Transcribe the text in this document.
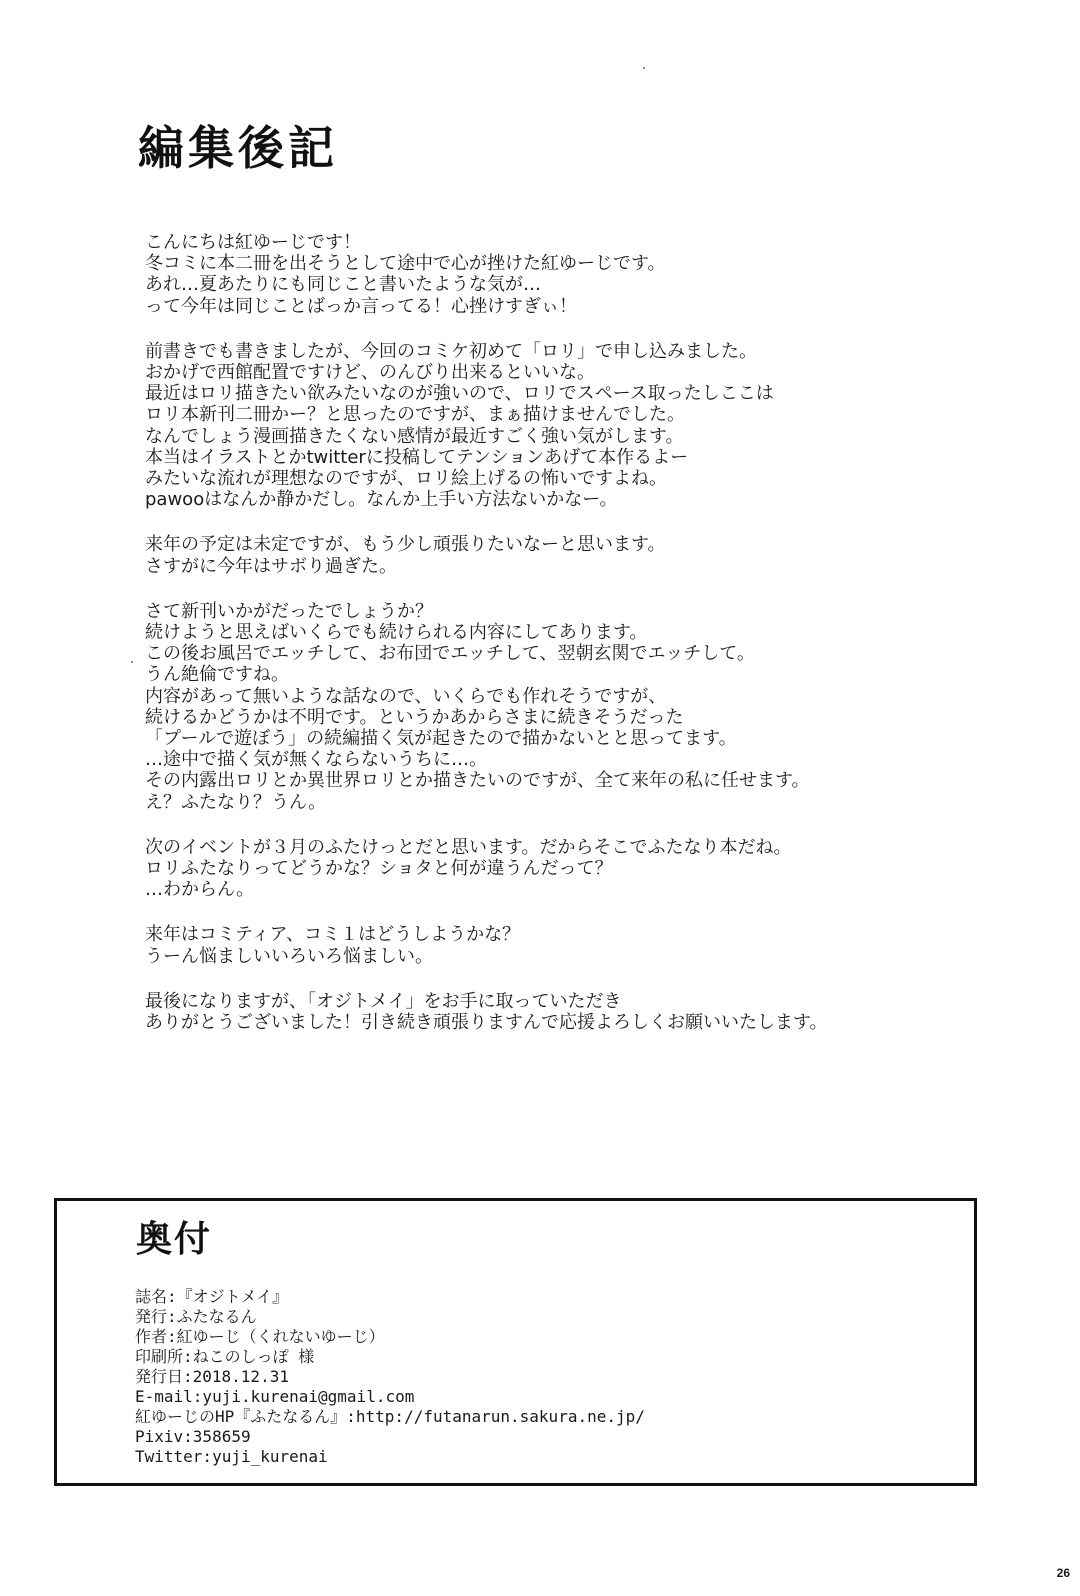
編集後記
こんにちは紅ゆーじです！
冬コミに本二冊を出そうとして途中で心が挫けた紅ゆーじです。
あれ…夏あたりにも同じこと書いたような気が…
って今年は同じことばっか言ってる！心挫けすぎぃ！
前書きでも書きましたが、今回のコミケ初めて「ロリ」で申し込みました。
おかげで西館配置ですけど、のんびり出来るといいな。
最近はロリ描きたい欲みたいなのが強いので、ロリでスペース取ったしここは
ロリ本新刊二冊かー？と思ったのですが、まぁ描けませんでした。
なんでしょう漫画描きたくない感情が最近すごく強い気がします。
本当はイラストとかtwitterに投稿してテンションあげて本作るよー
みたいな流れが理想なのですが、ロリ絵上げるの怖いですよね。
pawooはなんか静かだし。なんか上手い方法ないかなー。
来年の予定は未定ですが、もう少し頑張りたいなーと思います。
さすがに今年はサボり過ぎた。
さて新刊いかがだったでしょうか？
続けようと思えばいくらでも続けられる内容にしてあります。
この後お風呂でエッチして、お布団でエッチして、翌朝玄関でエッチして。
うん絶倫ですね。
内容があって無いような話なので、いくらでも作れそうですが、
続けるかどうかは不明です。というかあからさまに続きそうだった
「プールで遊ぼう」の続編描く気が起きたので描かないとと思ってます。
…途中で描く気が無くならないうちに…。
その内露出ロリとか異世界ロリとか描きたいのですが、全て来年の私に任せます。
え？ふたなり？うん。
次のイベントが３月のふたけっとだと思います。だからそこでふたなり本だね。
ロリふたなりってどうかな？ショタと何が違うんだって？
…わからん。
来年はコミティア、コミ１はどうしようかな？
うーん悩ましいいろいろ悩ましい。
最後になりますが、「オジトメイ」をお手に取っていただき
ありがとうございました！引き続き頑張りますんで応援よろしくお願いいたします。
奥付
誌名:『オジトメイ』
発行:ふたなるん
作者:紅ゆーじ（くれないゆーじ）
印刷所:ねこのしっぽ 様
発行日:2018.12.31
E-mail:yuji.kurenai@gmail.com
紅ゆーじのHP『ふたなるん』:http://futanarun.sakura.ne.jp/
Pixiv:358659
Twitter:yuji_kurenai
26
